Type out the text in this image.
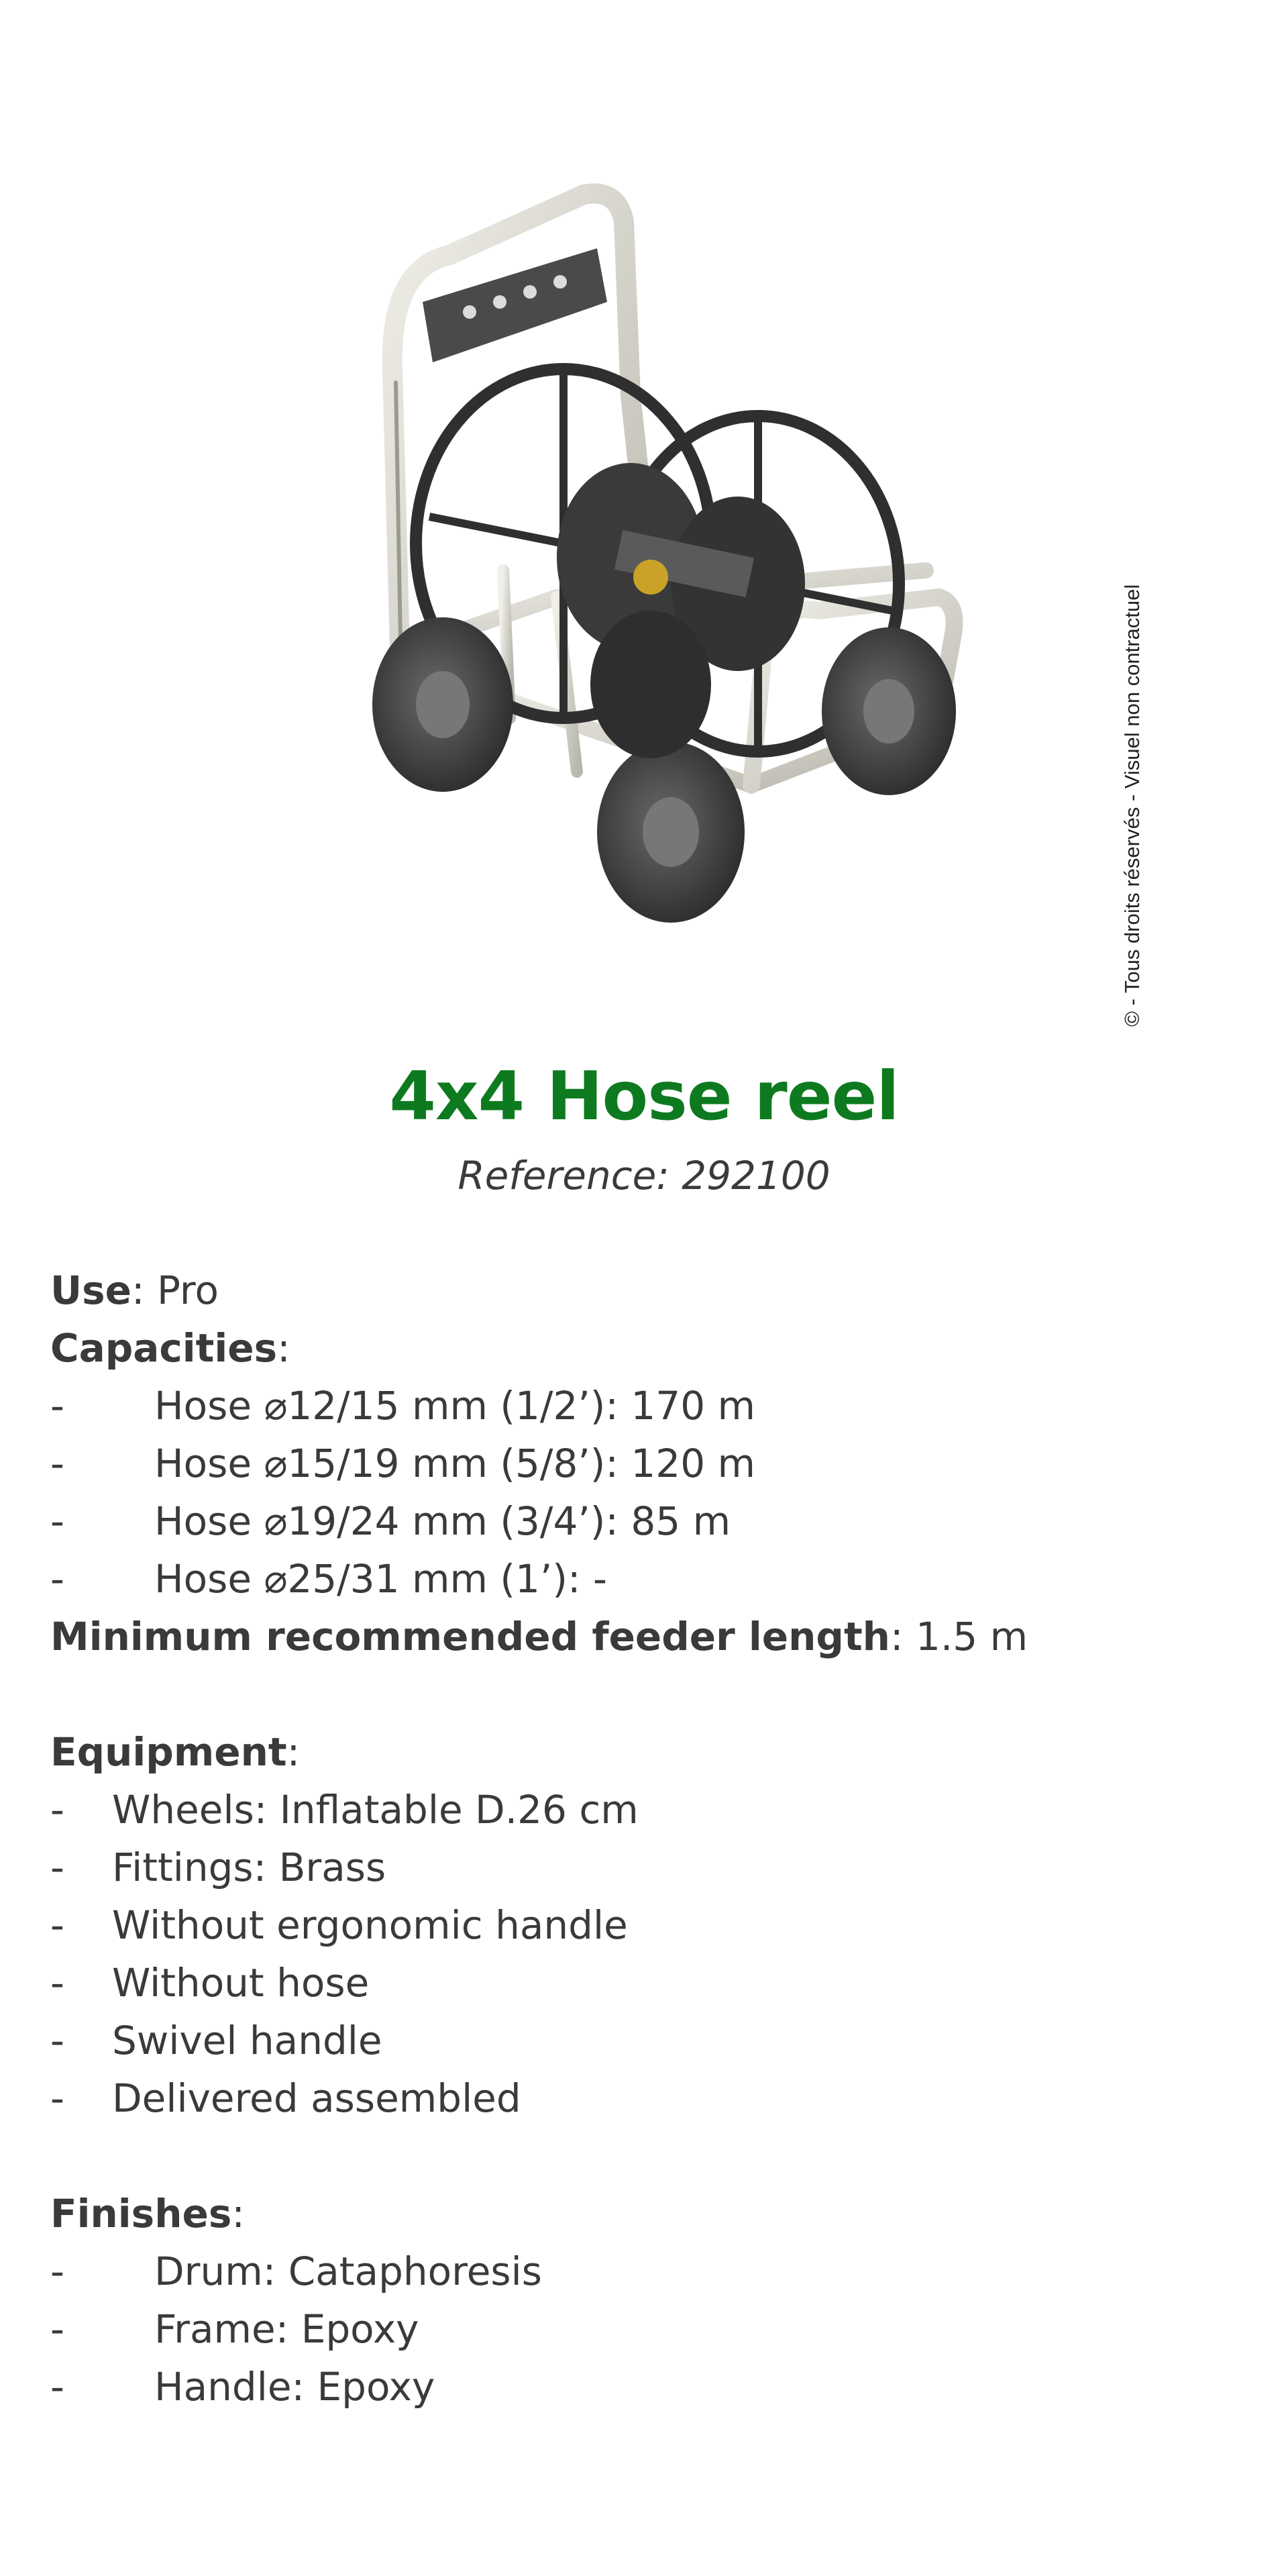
© - Tous droits réservés - Visuel non contractuel
4x4 Hose reel
Reference: 292100
Use: Pro
Capacities:
- Hose ⌀12/15 mm (1/2’): 170 m
- Hose ⌀15/19 mm (5/8’): 120 m
- Hose ⌀19/24 mm (3/4’): 85 m
- Hose ⌀25/31 mm (1’): -
Minimum recommended feeder length: 1.5 m
Equipment:
- Wheels: Inflatable D.26 cm
- Fittings: Brass
- Without ergonomic handle
- Without hose
- Swivel handle
- Delivered assembled
Finishes:
- Drum: Cataphoresis
- Frame: Epoxy
- Handle: Epoxy
